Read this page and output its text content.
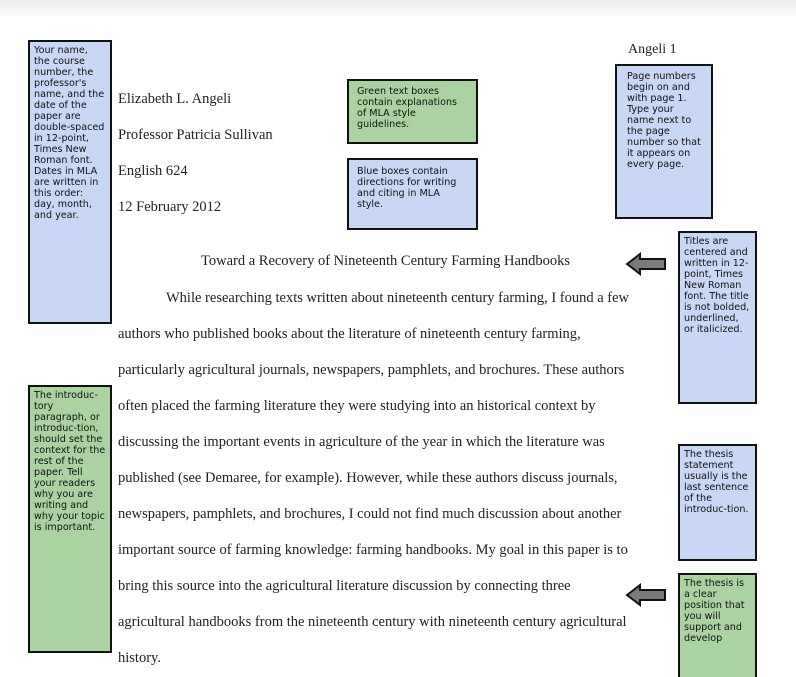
Angeli 1
Elizabeth L. Angeli
Professor Patricia Sullivan
English 624
12 February 2012
Toward a Recovery of Nineteenth Century Farming Handbooks
While researching texts written about nineteenth century farming, I found a few
authors who published books about the literature of nineteenth century farming,
particularly agricultural journals, newspapers, pamphlets, and brochures. These authors
often placed the farming literature they were studying into an historical context by
discussing the important events in agriculture of the year in which the literature was
published (see Demaree, for example). However, while these authors discuss journals,
newspapers, pamphlets, and brochures, I could not find much discussion about another
important source of farming knowledge: farming handbooks. My goal in this paper is to
bring this source into the agricultural literature discussion by connecting three
agricultural handbooks from the nineteenth century with nineteenth century agricultural
history.
Your name, the course number, the professor's name, and the date of the paper are double-spaced in 12-point, Times New Roman font. Dates in MLA are written in this order: day, month, and year.
Green text boxes contain explanations of MLA style guidelines.
Blue boxes contain directions for writing and citing in MLA style.
Page numbers begin on and with page 1. Type your name next to the page number so that it appears on every page.
Titles are centered and written in 12-point, Times New Roman font. The title is not bolded, underlined, or italicized.
The introduc-tory paragraph, or introduc-tion, should set the context for the rest of the paper. Tell your readers why you are writing and why your topic is important.
The thesis statement usually is the last sentence of the introduc-tion.
The thesis is a clear position that you will support and develop
